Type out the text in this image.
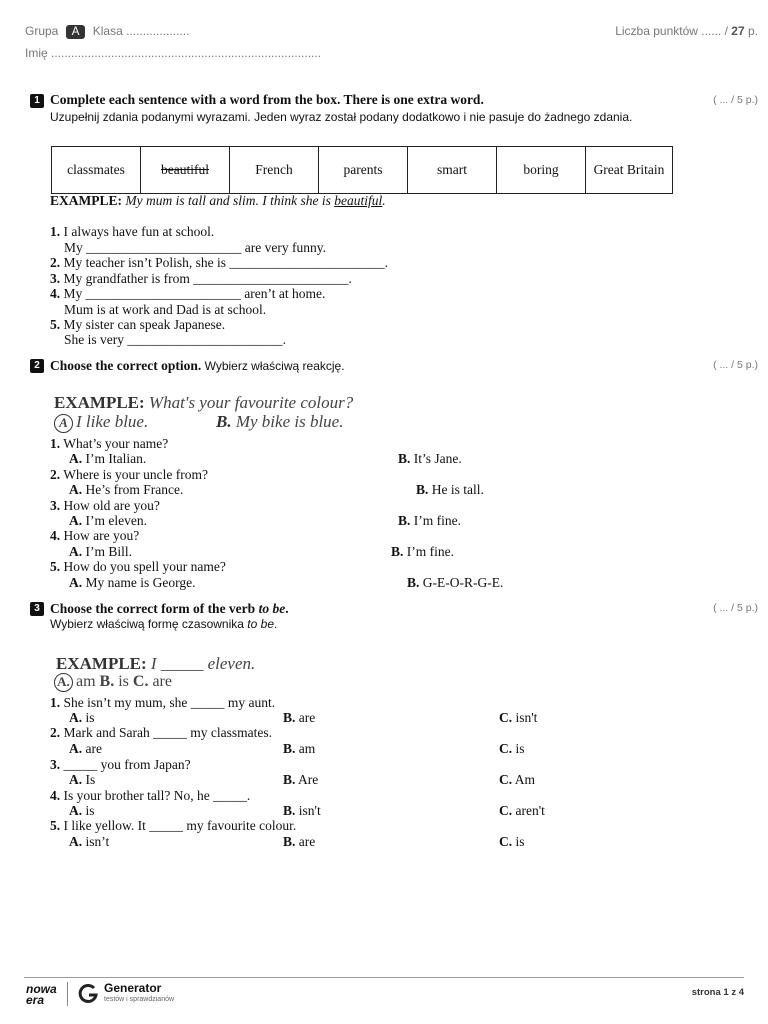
Grupa A Klasa ...................
Imię .................................................................................
Liczba punktów ...... / 27 p.
1 Complete each sentence with a word from the box. There is one extra word.	( ... / 5 p.)
Uzupełnij zdania podanymi wyrazami. Jeden wyraz został podany dodatkowo i nie pasuje do żadnego zdania.
classmates	beautiful	French	parents	smart	boring	Great Britain
EXAMPLE: My mum is tall and slim. I think she is beautiful.
1. I always have fun at school.
My _______________________ are very funny.
2. My teacher isn’t Polish, she is _______________________.
3. My grandfather is from _______________________.
4. My _______________________ aren’t at home.
Mum is at work and Dad is at school.
5. My sister can speak Japanese.
She is very _______________________.
2 Choose the correct option. Wybierz właściwą reakcję.	( ... / 5 p.)
EXAMPLE: What's your favourite colour?
A I like blue.	B. My bike is blue.
1. What’s your name?
A. I’m Italian.	B. It’s Jane.
2. Where is your uncle from?
A. He’s from France.	B. He is tall.
3. How old are you?
A. I’m eleven.	B. I’m fine.
4. How are you?
A. I’m Bill.	B. I’m fine.
5. How do you spell your name?
A. My name is George.	B. G-E-O-R-G-E.
3 Choose the correct form of the verb to be.	( ... / 5 p.)
Wybierz właściwą formę czasownika to be.
EXAMPLE: I _____ eleven.
A. am B. is C. are
1. She isn’t my mum, she _____ my aunt.
A. is	B. are	C. isn't
2. Mark and Sarah _____ my classmates.
A. are	B. am	C. is
3. _____ you from Japan?
A. Is	B. Are	C. Am
4. Is your brother tall? No, he _____.
A. is	B. isn't	C. aren't
5. I like yellow. It _____ my favourite colour.
A. isn’t	B. are	C. is
nowa
era
Generator
testów i sprawdzianów
strona 1 z 4
